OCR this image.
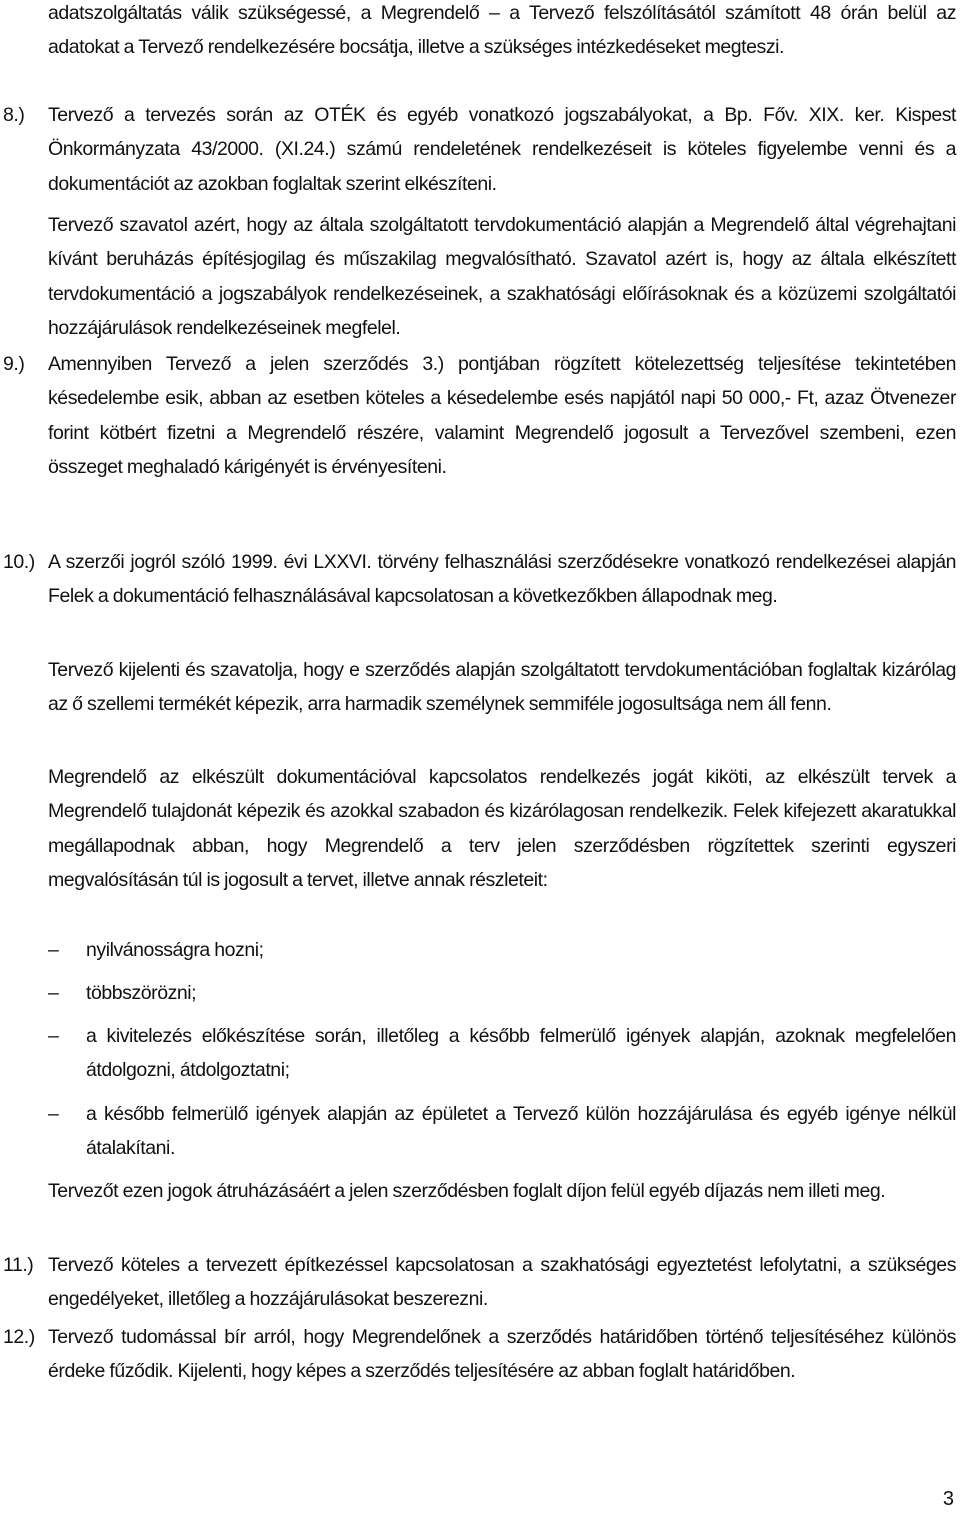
adatszolgáltatás válik szükségessé, a Megrendelő – a Tervező felszólításától számított 48 órán belül az adatokat a Tervező rendelkezésére bocsátja, illetve a szükséges intézkedéseket megteszi.
8.) Tervező a tervezés során az OTÉK és egyéb vonatkozó jogszabályokat, a Bp. Főv. XIX. ker. Kispest Önkormányzata 43/2000. (XI.24.) számú rendeletének rendelkezéseit is köteles figyelembe venni és a dokumentációt az azokban foglaltak szerint elkészíteni.
Tervező szavatol azért, hogy az általa szolgáltatott tervdokumentáció alapján a Megrendelő által végrehajtani kívánt beruházás építésjogilag és műszakilag megvalósítható. Szavatol azért is, hogy az általa elkészített tervdokumentáció a jogszabályok rendelkezéseinek, a szakhatósági előírásoknak és a közüzemi szolgáltatói hozzájárulások rendelkezéseinek megfelel.
9.) Amennyiben Tervező a jelen szerződés 3.) pontjában rögzített kötelezettség teljesítése tekintetében késedelembe esik, abban az esetben köteles a késedelembe esés napjától napi 50 000,- Ft, azaz Ötvenezer forint kötbért fizetni a Megrendelő részére, valamint Megrendelő jogosult a Tervezővel szembeni, ezen összeget meghaladó kárigényét is érvényesíteni.
10.) A szerzői jogról szóló 1999. évi LXXVI. törvény felhasználási szerződésekre vonatkozó rendelkezései alapján Felek a dokumentáció felhasználásával kapcsolatosan a következőkben állapodnak meg.
Tervező kijelenti és szavatolja, hogy e szerződés alapján szolgáltatott tervdokumentációban foglaltak kizárólag az ő szellemi termékét képezik, arra harmadik személynek semmiféle jogosultsága nem áll fenn.
Megrendelő az elkészült dokumentációval kapcsolatos rendelkezés jogát kiköti, az elkészült tervek a Megrendelő tulajdonát képezik és azokkal szabadon és kizárólagosan rendelkezik. Felek kifejezett akaratukkal megállapodnak abban, hogy Megrendelő a terv jelen szerződésben rögzítettek szerinti egyszeri megvalósításán túl is jogosult a tervet, illetve annak részleteit:
–	nyilvánosságra hozni;
–	többszörözni;
–	a kivitelezés előkészítése során, illetőleg a később felmerülő igények alapján, azoknak megfelelően átdolgozni, átdolgoztatni;
–	a később felmerülő igények alapján az épületet a Tervező külön hozzájárulása és egyéb igénye nélkül átalakítani.
Tervezőt ezen jogok átruházásáért a jelen szerződésben foglalt díjon felül egyéb díjazás nem illeti meg.
11.) Tervező köteles a tervezett építkezéssel kapcsolatosan a szakhatósági egyeztetést lefolytatni, a szükséges engedélyeket, illetőleg a hozzájárulásokat beszerezni.
12.) Tervező tudomással bír arról, hogy Megrendelőnek a szerződés határidőben történő teljesítéséhez különös érdeke fűződik. Kijelenti, hogy képes a szerződés teljesítésére az abban foglalt határidőben.
3
